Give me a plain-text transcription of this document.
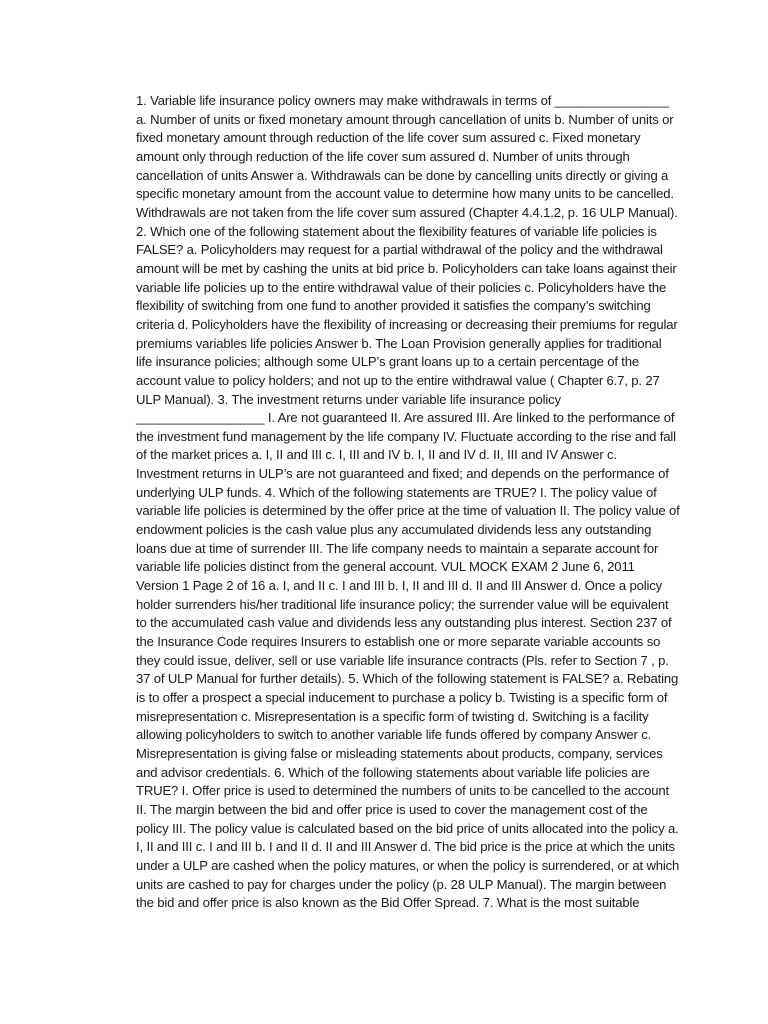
1. Variable life insurance policy owners may make withdrawals in terms of ________________ a. Number of units or fixed monetary amount through cancellation of units b. Number of units or fixed monetary amount through reduction of the life cover sum assured c. Fixed monetary amount only through reduction of the life cover sum assured d. Number of units through cancellation of units Answer a. Withdrawals can be done by cancelling units directly or giving a specific monetary amount from the account value to determine how many units to be cancelled. Withdrawals are not taken from the life cover sum assured (Chapter 4.4.1.2, p. 16 ULP Manual). 2. Which one of the following statement about the flexibility features of variable life policies is FALSE? a. Policyholders may request for a partial withdrawal of the policy and the withdrawal amount will be met by cashing the units at bid price b. Policyholders can take loans against their variable life policies up to the entire withdrawal value of their policies c. Policyholders have the flexibility of switching from one fund to another provided it satisfies the company’s switching criteria d. Policyholders have the flexibility of increasing or decreasing their premiums for regular premiums variables life policies Answer b. The Loan Provision generally applies for traditional life insurance policies; although some ULP’s grant loans up to a certain percentage of the account value to policy holders; and not up to the entire withdrawal value ( Chapter 6.7, p. 27 ULP Manual). 3. The investment returns under variable life insurance policy __________________ I. Are not guaranteed II. Are assured III. Are linked to the performance of the investment fund management by the life company IV. Fluctuate according to the rise and fall of the market prices a. I, II and III c. I, III and IV b. I, II and IV d. II, III and IV Answer c. Investment returns in ULP’s are not guaranteed and fixed; and depends on the performance of underlying ULP funds. 4. Which of the following statements are TRUE? I. The policy value of variable life policies is determined by the offer price at the time of valuation II. The policy value of endowment policies is the cash value plus any accumulated dividends less any outstanding loans due at time of surrender III. The life company needs to maintain a separate account for variable life policies distinct from the general account. VUL MOCK EXAM 2 June 6, 2011 Version 1 Page 2 of 16 a. I, and II c. I and III b. I, II and III d. II and III Answer d. Once a policy holder surrenders his/her traditional life insurance policy; the surrender value will be equivalent to the accumulated cash value and dividends less any outstanding plus interest. Section 237 of the Insurance Code requires Insurers to establish one or more separate variable accounts so they could issue, deliver, sell or use variable life insurance contracts (Pls. refer to Section 7 , p. 37 of ULP Manual for further details). 5. Which of the following statement is FALSE? a. Rebating is to offer a prospect a special inducement to purchase a policy b. Twisting is a specific form of misrepresentation c. Misrepresentation is a specific form of twisting d. Switching is a facility allowing policyholders to switch to another variable life funds offered by company Answer c. Misrepresentation is giving false or misleading statements about products, company, services and advisor credentials. 6. Which of the following statements about variable life policies are TRUE? I. Offer price is used to determined the numbers of units to be cancelled to the account II. The margin between the bid and offer price is used to cover the management cost of the policy III. The policy value is calculated based on the bid price of units allocated into the policy a. I, II and III c. I and III b. I and II d. II and III Answer d. The bid price is the price at which the units under a ULP are cashed when the policy matures, or when the policy is surrendered, or at which units are cashed to pay for charges under the policy (p. 28 ULP Manual). The margin between the bid and offer price is also known as the Bid Offer Spread. 7. What is the most suitable
